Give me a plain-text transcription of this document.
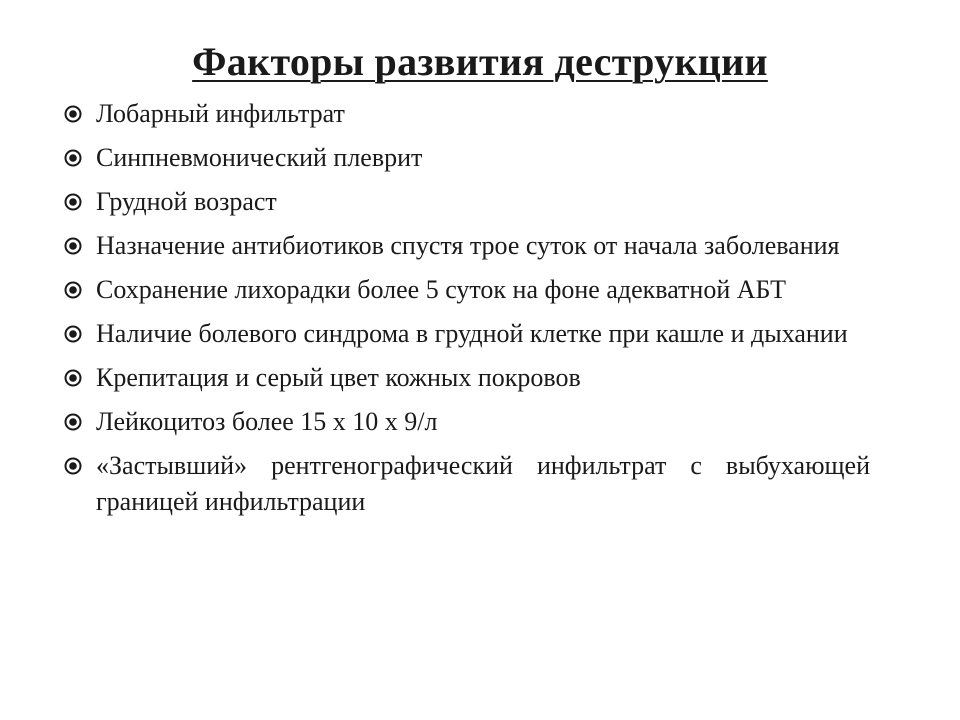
Факторы развития деструкции
Лобарный инфильтрат
Синпневмонический плеврит
Грудной возраст
Назначение антибиотиков спустя трое суток от начала заболевания
Сохранение лихорадки более 5 суток на фоне адекватной АБТ
Наличие болевого синдрома в грудной клетке при кашле и дыхании
Крепитация и серый цвет кожных покровов
Лейкоцитоз более 15 х 10 х 9/л
«Застывший» рентгенографический инфильтрат с выбухающей границей инфильтрации
